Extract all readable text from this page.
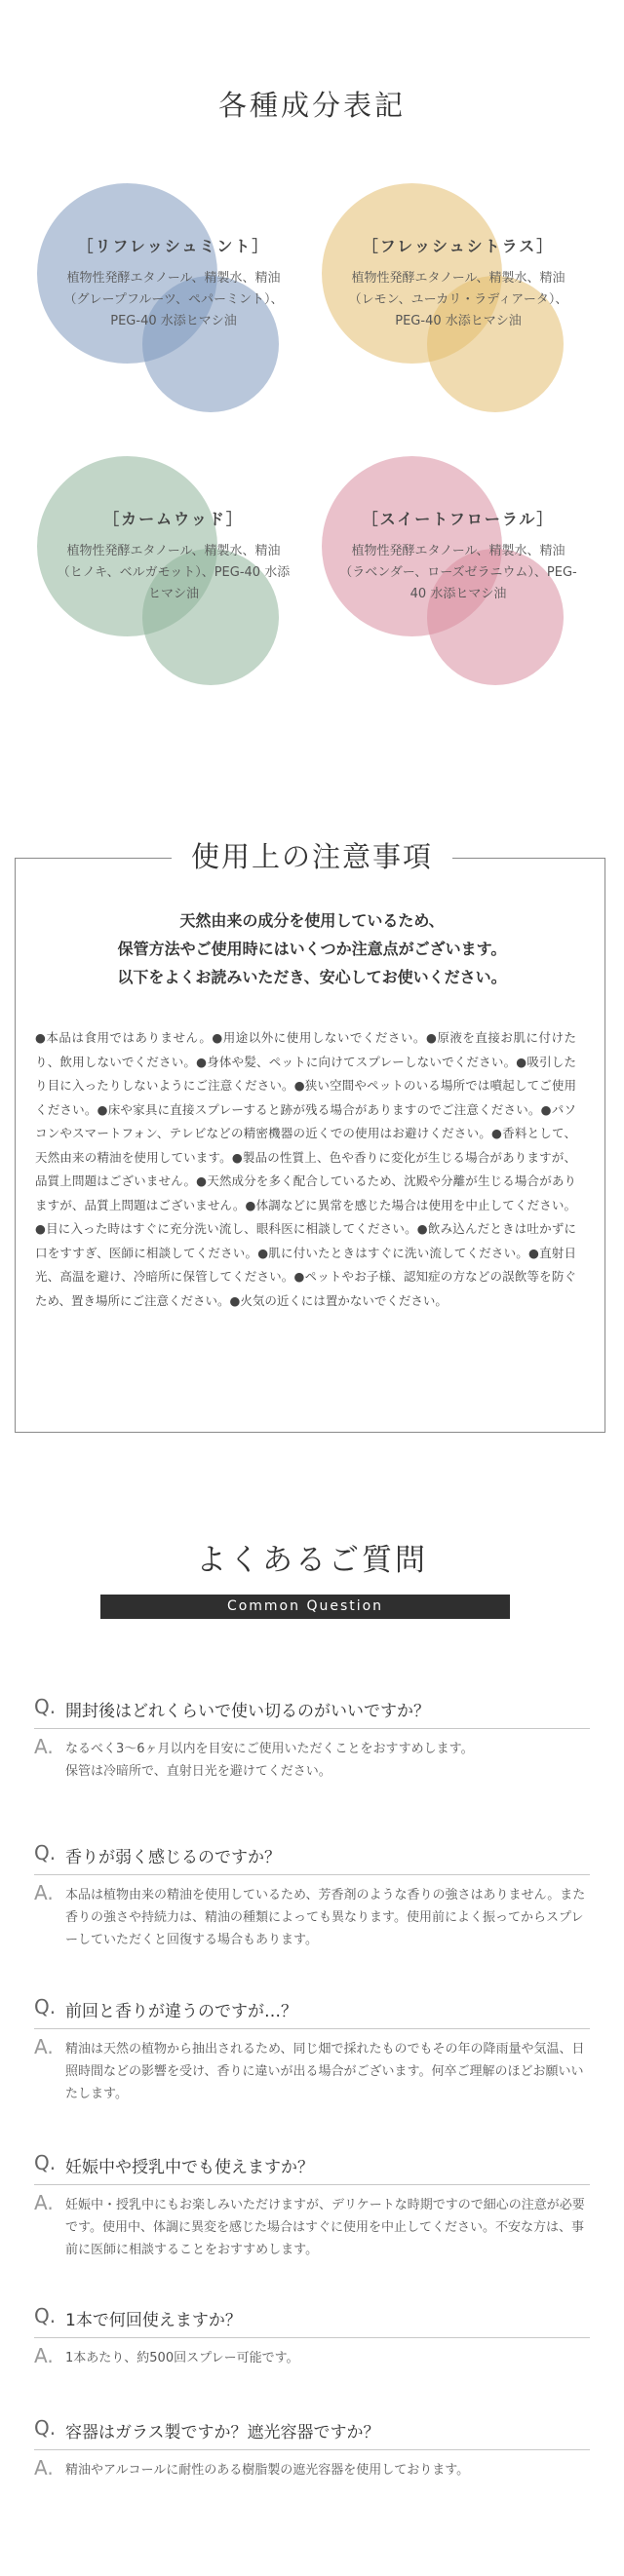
各種成分表記
［リフレッシュミント］
植物性発酵エタノール、精製水、精油（グレープフルーツ、ペパーミント）、PEG-40 水添ヒマシ油
［フレッシュシトラス］
植物性発酵エタノール、精製水、精油（レモン、ユーカリ・ラディアータ）、PEG-40 水添ヒマシ油
［カームウッド］
植物性発酵エタノール、精製水、精油（ヒノキ、ベルガモット）、PEG-40 水添ヒマシ油
［スイートフローラル］
植物性発酵エタノール、精製水、精油（ラベンダー、ローズゼラニウム）、PEG-40 水添ヒマシ油
使用上の注意事項
天然由来の成分を使用しているため、
保管方法やご使用時にはいくつか注意点がございます。
以下をよくお読みいただき、安心してお使いください。
●本品は食用ではありません。●用途以外に使用しないでください。●原液を直接お肌に付けたり、飲用しないでください。●身体や髪、ペットに向けてスプレーしないでください。●吸引したり目に入ったりしないようにご注意ください。●狭い空間やペットのいる場所では噴起してご使用ください。●床や家具に直接スプレーすると跡が残る場合がありますのでご注意ください。●パソコンやスマートフォン、テレビなどの精密機器の近くでの使用はお避けください。●香料として、天然由来の精油を使用しています。●製品の性質上、色や香りに変化が生じる場合がありますが、品質上問題はございません。●天然成分を多く配合しているため、沈殿や分離が生じる場合がありますが、品質上問題はございません。●体調などに異常を感じた場合は使用を中止してください。●目に入った時はすぐに充分洗い流し、眼科医に相談してください。●飲み込んだときは吐かずに口をすすぎ、医師に相談してください。●肌に付いたときはすぐに洗い流してください。●直射日光、高温を避け、冷暗所に保管してください。●ペットやお子様、認知症の方などの誤飲等を防ぐため、置き場所にご注意ください。●火気の近くには置かないでください。
よくあるご質問
Common Question
Q. 開封後はどれくらいで使い切るのがいいですか？
A. なるべく3～6ヶ月以内を目安にご使用いただくことをおすすめします。
保管は冷暗所で、直射日光を避けてください。
Q. 香りが弱く感じるのですか？
A. 本品は植物由来の精油を使用しているため、芳香剤のような香りの強さはありません。また香りの強さや持続力は、精油の種類によっても異なります。使用前によく振ってからスプレーしていただくと回復する場合もあります。
Q. 前回と香りが違うのですが…？
A. 精油は天然の植物から抽出されるため、同じ畑で採れたものでもその年の降雨量や気温、日照時間などの影響を受け、香りに違いが出る場合がございます。何卒ご理解のほどお願いいたします。
Q. 妊娠中や授乳中でも使えますか？
A. 妊娠中・授乳中にもお楽しみいただけますが、デリケートな時期ですので細心の注意が必要です。使用中、体調に異変を感じた場合はすぐに使用を中止してください。不安な方は、事前に医師に相談することをおすすめします。
Q. 1本で何回使えますか？
A. 1本あたり、約500回スプレー可能です。
Q. 容器はガラス製ですか？遮光容器ですか？
A. 精油やアルコールに耐性のある樹脂製の遮光容器を使用しております。
